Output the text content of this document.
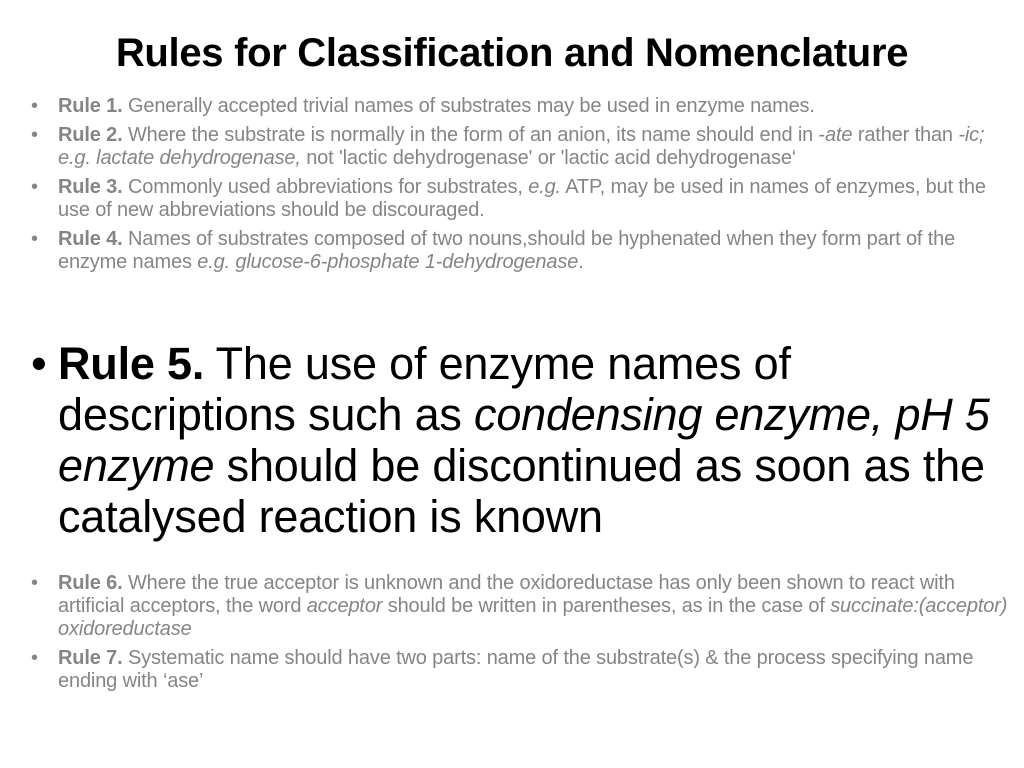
Rules for Classification and Nomenclature
• Rule 1. Generally accepted trivial names of substrates may be used in enzyme names.
• Rule 2. Where the substrate is normally in the form of an anion, its name should end in -ate rather than -ic; e.g. lactate dehydrogenase, not 'lactic dehydrogenase' or 'lactic acid dehydrogenase‘
• Rule 3. Commonly used abbreviations for substrates, e.g. ATP, may be used in names of enzymes, but the use of new abbreviations should be discouraged.
• Rule 4. Names of substrates composed of two nouns,should be hyphenated when they form part of the enzyme names e.g. glucose-6-phosphate 1-dehydrogenase.
• Rule 5. The use of enzyme names of descriptions such as condensing enzyme, pH 5 enzyme should be discontinued as soon as the catalysed reaction is known
• Rule 6. Where the true acceptor is unknown and the oxidoreductase has only been shown to react with artificial acceptors, the word acceptor should be written in parentheses, as in the case of succinate:(acceptor) oxidoreductase
• Rule 7. Systematic name should have two parts: name of the substrate(s) & the process specifying name ending with ‘ase’
